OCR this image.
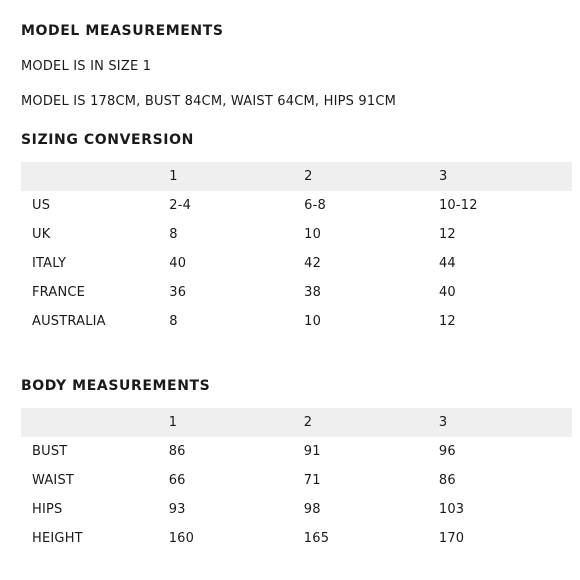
MODEL MEASUREMENTS
MODEL IS IN SIZE 1
MODEL IS 178CM, BUST 84CM, WAIST 64CM, HIPS 91CM
SIZING CONVERSION
	1	2	3
US	2-4	6-8	10-12
UK	8	10	12
ITALY	40	42	44
FRANCE	36	38	40
AUSTRALIA	8	10	12
BODY MEASUREMENTS
	1	2	3
BUST	86	91	96
WAIST	66	71	86
HIPS	93	98	103
HEIGHT	160	165	170
